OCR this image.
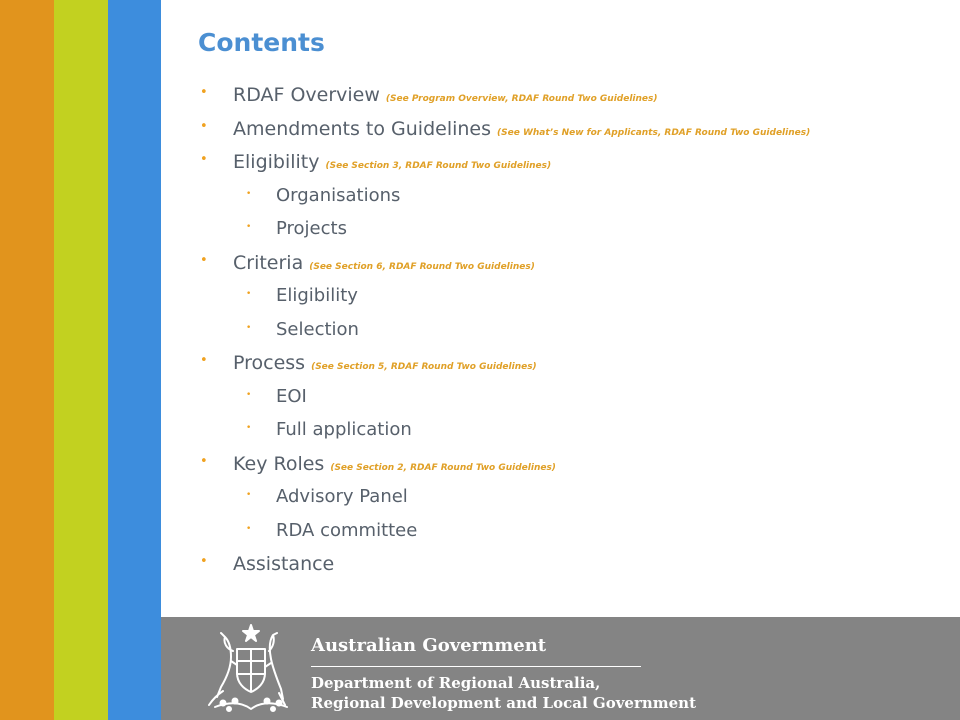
Contents
• RDAF Overview (See Program Overview, RDAF Round Two Guidelines)
• Amendments to Guidelines (See What’s New for Applicants, RDAF Round Two Guidelines)
• Eligibility (See Section 3, RDAF Round Two Guidelines)
• Organisations
• Projects
• Criteria (See Section 6, RDAF Round Two Guidelines)
• Eligibility
• Selection
• Process (See Section 5, RDAF Round Two Guidelines)
• EOI
• Full application
• Key Roles (See Section 2, RDAF Round Two Guidelines)
• Advisory Panel
• RDA committee
• Assistance
Australian Government
Department of Regional Australia,
Regional Development and Local Government
